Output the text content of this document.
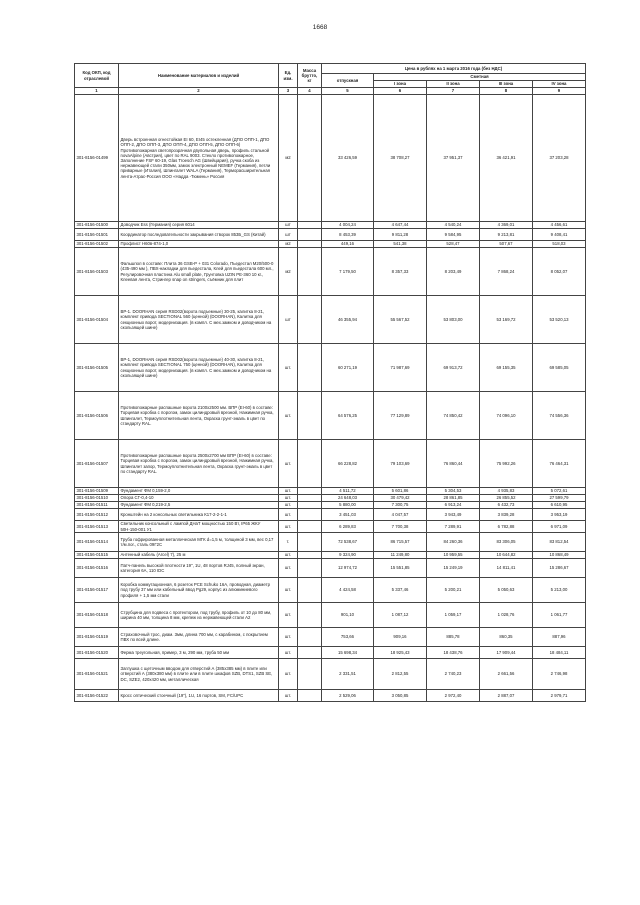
1668
Код ОКП, код отраслевой	Наименование материалов и изделий	Ед. изм.	Масса брутто, кг	Цена в рублях на 1 марта 2016 года (без НДС)				
				отпускная	Сметная			
					I зона	II зона	III зона	IV зона
1	2	3	4	5	6	7	8	9
301-8156-01499	Дверь встроенная огнестойкая EI 60, EI45 остекленная (ДПО ОПП-1, ДПО ОПП-2, ДПО ОПП-3, ДПО ОПП-4, ДПО ОПП-5, ДПО ОПП-6) Противопожарная светопрозрачная двупольная дверь, профиль стальной novaAlpine (Австрия), цвет по RAL 9003. Стекло противопожарное, Заполнение FSF 60-19, Glas Troesch AG (Швейцария), ручка скоба из нержавеющей стали 350мм, замок электронный NEMEF (Германия), петли приварные (Италия), Шпингалет WALA (Германия), Терморасширительная лента-Атрас-Россия ООО «Надда -Тюмень» Россия	м2		33 426,59	38 708,27	37 951,37	36 421,91	37 203,28
301-8156-01500	Доводчик Ess (Германия) серия 6014	шт		4 004,24	4 647,44	4 540,24	4 369,01	4 456,61
301-8156-01501	Координатор последовательности закрывания створок 853Б_GS (Китай)	шт		8 453,39	9 811,28	9 584,95	9 213,81	9 408,41
301-8156-01502	Профлист Н60в-874-1,0	м2		449,16	541,38	528,47	507,67	518,03
301-8156-01503	Фальшпол в составе: Плита 36 GSB-Р + 031 Colorado, Пьедестал М20/500-0 (435-490 мм ), ПВХ-накладки для пьедестала, Клей для пьедестала 600 мл., Регулировочная пластина Alu small plate, Грунтовка UZIN PE-360 10 кг., Клеевая лента, Стрингер snap on stringers, съёмник для плит	м2		7 179,50	8 357,33	8 203,49	7 868,24	8 052,07
301-8156-01504	ВР-1. DOORHAN серия RSD02(ворота подъемные) 30-25, калитка 8-21, комплект привода SECTIONAL 560 (ценной) (DOORHAN), Калитка для секционных ворот, модернизация. (в компл. С мех.замком и доводчиком на скользящей шине)	шт		46 355,94	55 567,52	53 803,00	53 169,72	53 520,13
301-8156-01505	ВР-1, DOORHAN серия RSD02(ворота подъемные) 40-30, калитка 8-21, комплект привода SECTIONAL 750 (ценной) (DOORHAN), Калитка для секционных ворот, модернизация. (в компл. С мех.замком и доводчиком на скользящей шине)	шт.		60 271,19	71 987,69	69 913,72	69 155,35	69 585,05
301-8156-01506	Противопожарные распашные ворота 2100х2500 мм. ВПР (EI-60) в составе: Торцевая коробка с порогом, замок цилиндровый врезной, Нажимная ручка, Шпингалет, Термоуплотнительная лента, Окраска грунт-эмаль в цвет по стандарту RAL.	шт.		64 576,25	77 129,89	74 850,42	74 096,10	74 556,36
301-8156-01507	Противопожарные распашные ворота 2500х2700 мм ВПР (EI-60) в составе: Торцевая коробка с порогом, замок цилиндровый врезной, Нажимная ручка, Шпингалет запор, Термоуплотнительная лента, Окраска грунт-эмаль в цвет по стандарту RAL.	шт.		66 228,82	79 103,69	76 860,44	75 992,26	76 464,31
301-8156-01509	Фундамент ФМ 0,159-2,0	шт.		4 511,72	5 601,86	5 304,53	4 935,83	5 072,61
301-8156-01510	Опора СГ-0,4-10	шт.		24 648,03	30 479,42	28 861,85	26 855,52	27 599,79
301-8156-01511	Фундамент ФМ 0,219-2,5	шт.		5 880,00	7 300,75	6 913,24	6 432,73	6 610,95
301-8156-01512	Кронштейн на 2 консольных светильника К17-2-2-1-1	шт.		3 451,03	4 047,57	3 943,49	3 839,28	3 953,19
301-8156-01513	Светильник консольный с лампой ДНаТ мощностью 150 Вт, IP65 ЖКУ 50Н-150-001 У1	шт.		6 289,83	7 700,38	7 289,91	6 782,88	6 971,09
301-8156-01514	Труба гофрированная металлическая МГК d=1,5 м, толщиной 3 мм, вес 0,17 т/м.пог., сталь 09Г2С	т.		72 538,67	86 715,57	84 260,36	83 306,05	83 812,54
301-8156-01515	Антенный кабель (Arcel) 7), 25 м	шт.		9 324,90	11 249,80	10 959,55	10 644,82	10 868,49
301-8156-01516	Патч-панель высокой плотности 19", 1U, 48 портов RJ45, полный экран, категория 6А, 110 IDC	шт.		12 974,72	15 551,85	15 249,19	14 811,41	15 286,67
301-8156-01517	Коробка коммутационная, 6 розеток PCE Schuko 16А, проводная, диаметр под трубу 37 мм или кабельный ввод Pg29, корпус из алюминиевого профиля + 1,5 мм стали	шт.		4 424,58	5 337,46	5 200,21	5 050,63	5 213,00
301-8156-01518	Струбцина для подвеса с протектором, под трубу, профиль от 10 до 80 мм, ширина 40 мм, толщина 8 мм, крепеж из нержавеющей стали A2	шт.		901,10	1 087,12	1 059,17	1 028,76	1 061,77
301-8156-01519	Страховочный трос, диам. 3мм, длина 700 мм, с карабином, с покрытием ПВХ по всей длине.	шт.		753,66	909,16	885,78	860,35	887,96
301-8156-01520	Ферма треугольная, пример, 3 м, 290 мм, труба 50 мм	шт.		15 698,34	18 925,43	18 438,76	17 909,44	18 484,11
301-8156-01521	Заглушка с щеточным вводом для отверстий А (385х385 мм) в плите или отверстий А (380х380 мм) в плите или в плите шкафов SZB, DTS1, SZB SE, DC, SZE2, 420х420 мм, металлическая	шт.		2 331,51	2 812,55	2 740,23	2 661,56	2 746,98
301-8156-01522	Кросс оптический стоечный (19"), 1U, 16 портов, SM, FC/UPC	шт.		2 529,06	3 050,85	2 972,40	2 887,07	2 979,71
